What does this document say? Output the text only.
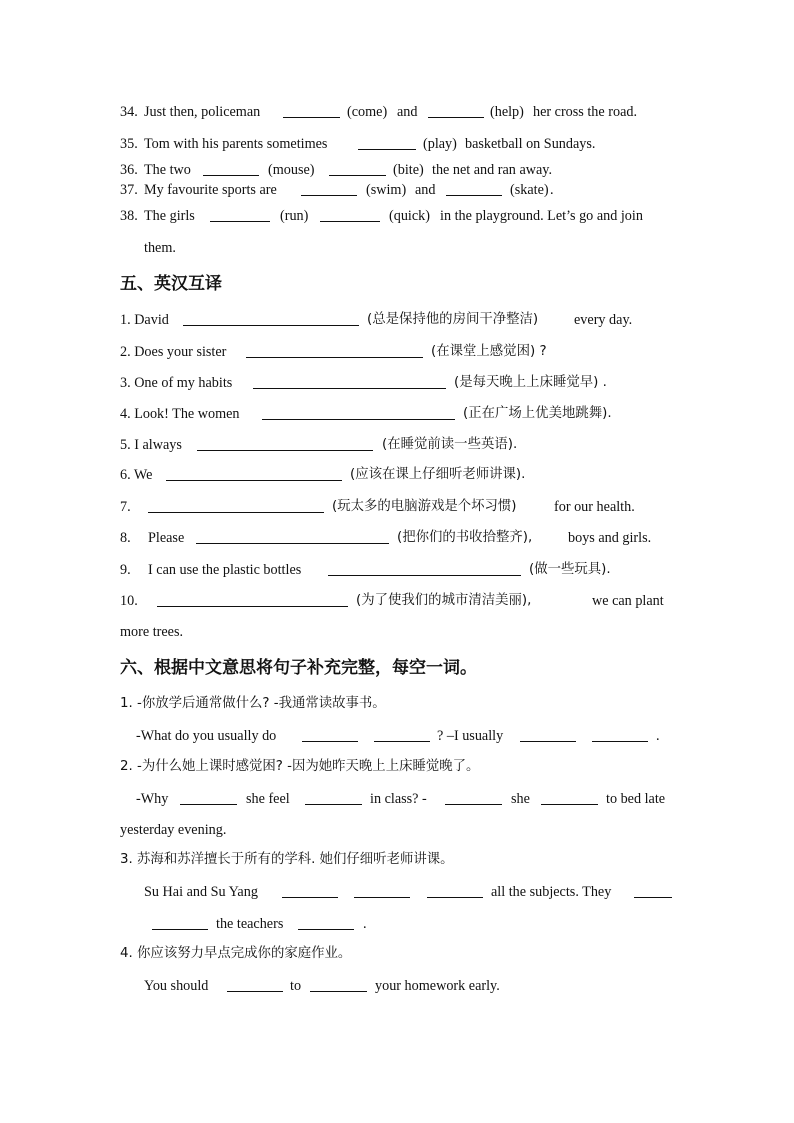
34. Just then, policeman	(come) and	(help) her cross the road.
35. Tom with his parents sometimes	(play) basketball on Sundays.
36. The two	(mouse)	(bite) the net and ran away.
37. My favourite sports are	(swim) and	(skate) .
38. The girls	(run)	(quick) in the playground. Let’s go and join
them.
五、英汉互译
1. David	(总是保持他的房间干净整洁)	every day.
2. Does your sister	(在课堂上感觉困) ?
3. One of my habits	(是每天晚上上床睡觉早) .
4. Look! The women	(正在广场上优美地跳舞).
5. I always	(在睡觉前读一些英语).
6. We	(应该在课上仔细听老师讲课).
7.	(玩太多的电脑游戏是个坏习惯)	for our health.
8. Please	(把你们的书收拾整齐),	boys and girls.
9. I can use the plastic bottles	(做一些玩具).
10.	(为了使我们的城市清洁美丽),	we can plant
more trees.
六、根据中文意思将句子补充完整，每空一词。
1. -你放学后通常做什么? -我通常读故事书。
-What do you usually do	? –I usually	.
2. -为什么她上课时感觉困? -因为她昨天晚上上床睡觉晚了。
-Why	she feel	in class? -	she	to bed late
yesterday evening.
3. 苏海和苏洋擅长于所有的学科. 她们仔细听老师讲课。
Su Hai and Su Yang	all the subjects. They
the teachers	.
4. 你应该努力早点完成你的家庭作业。
You should	to	your homework early.
